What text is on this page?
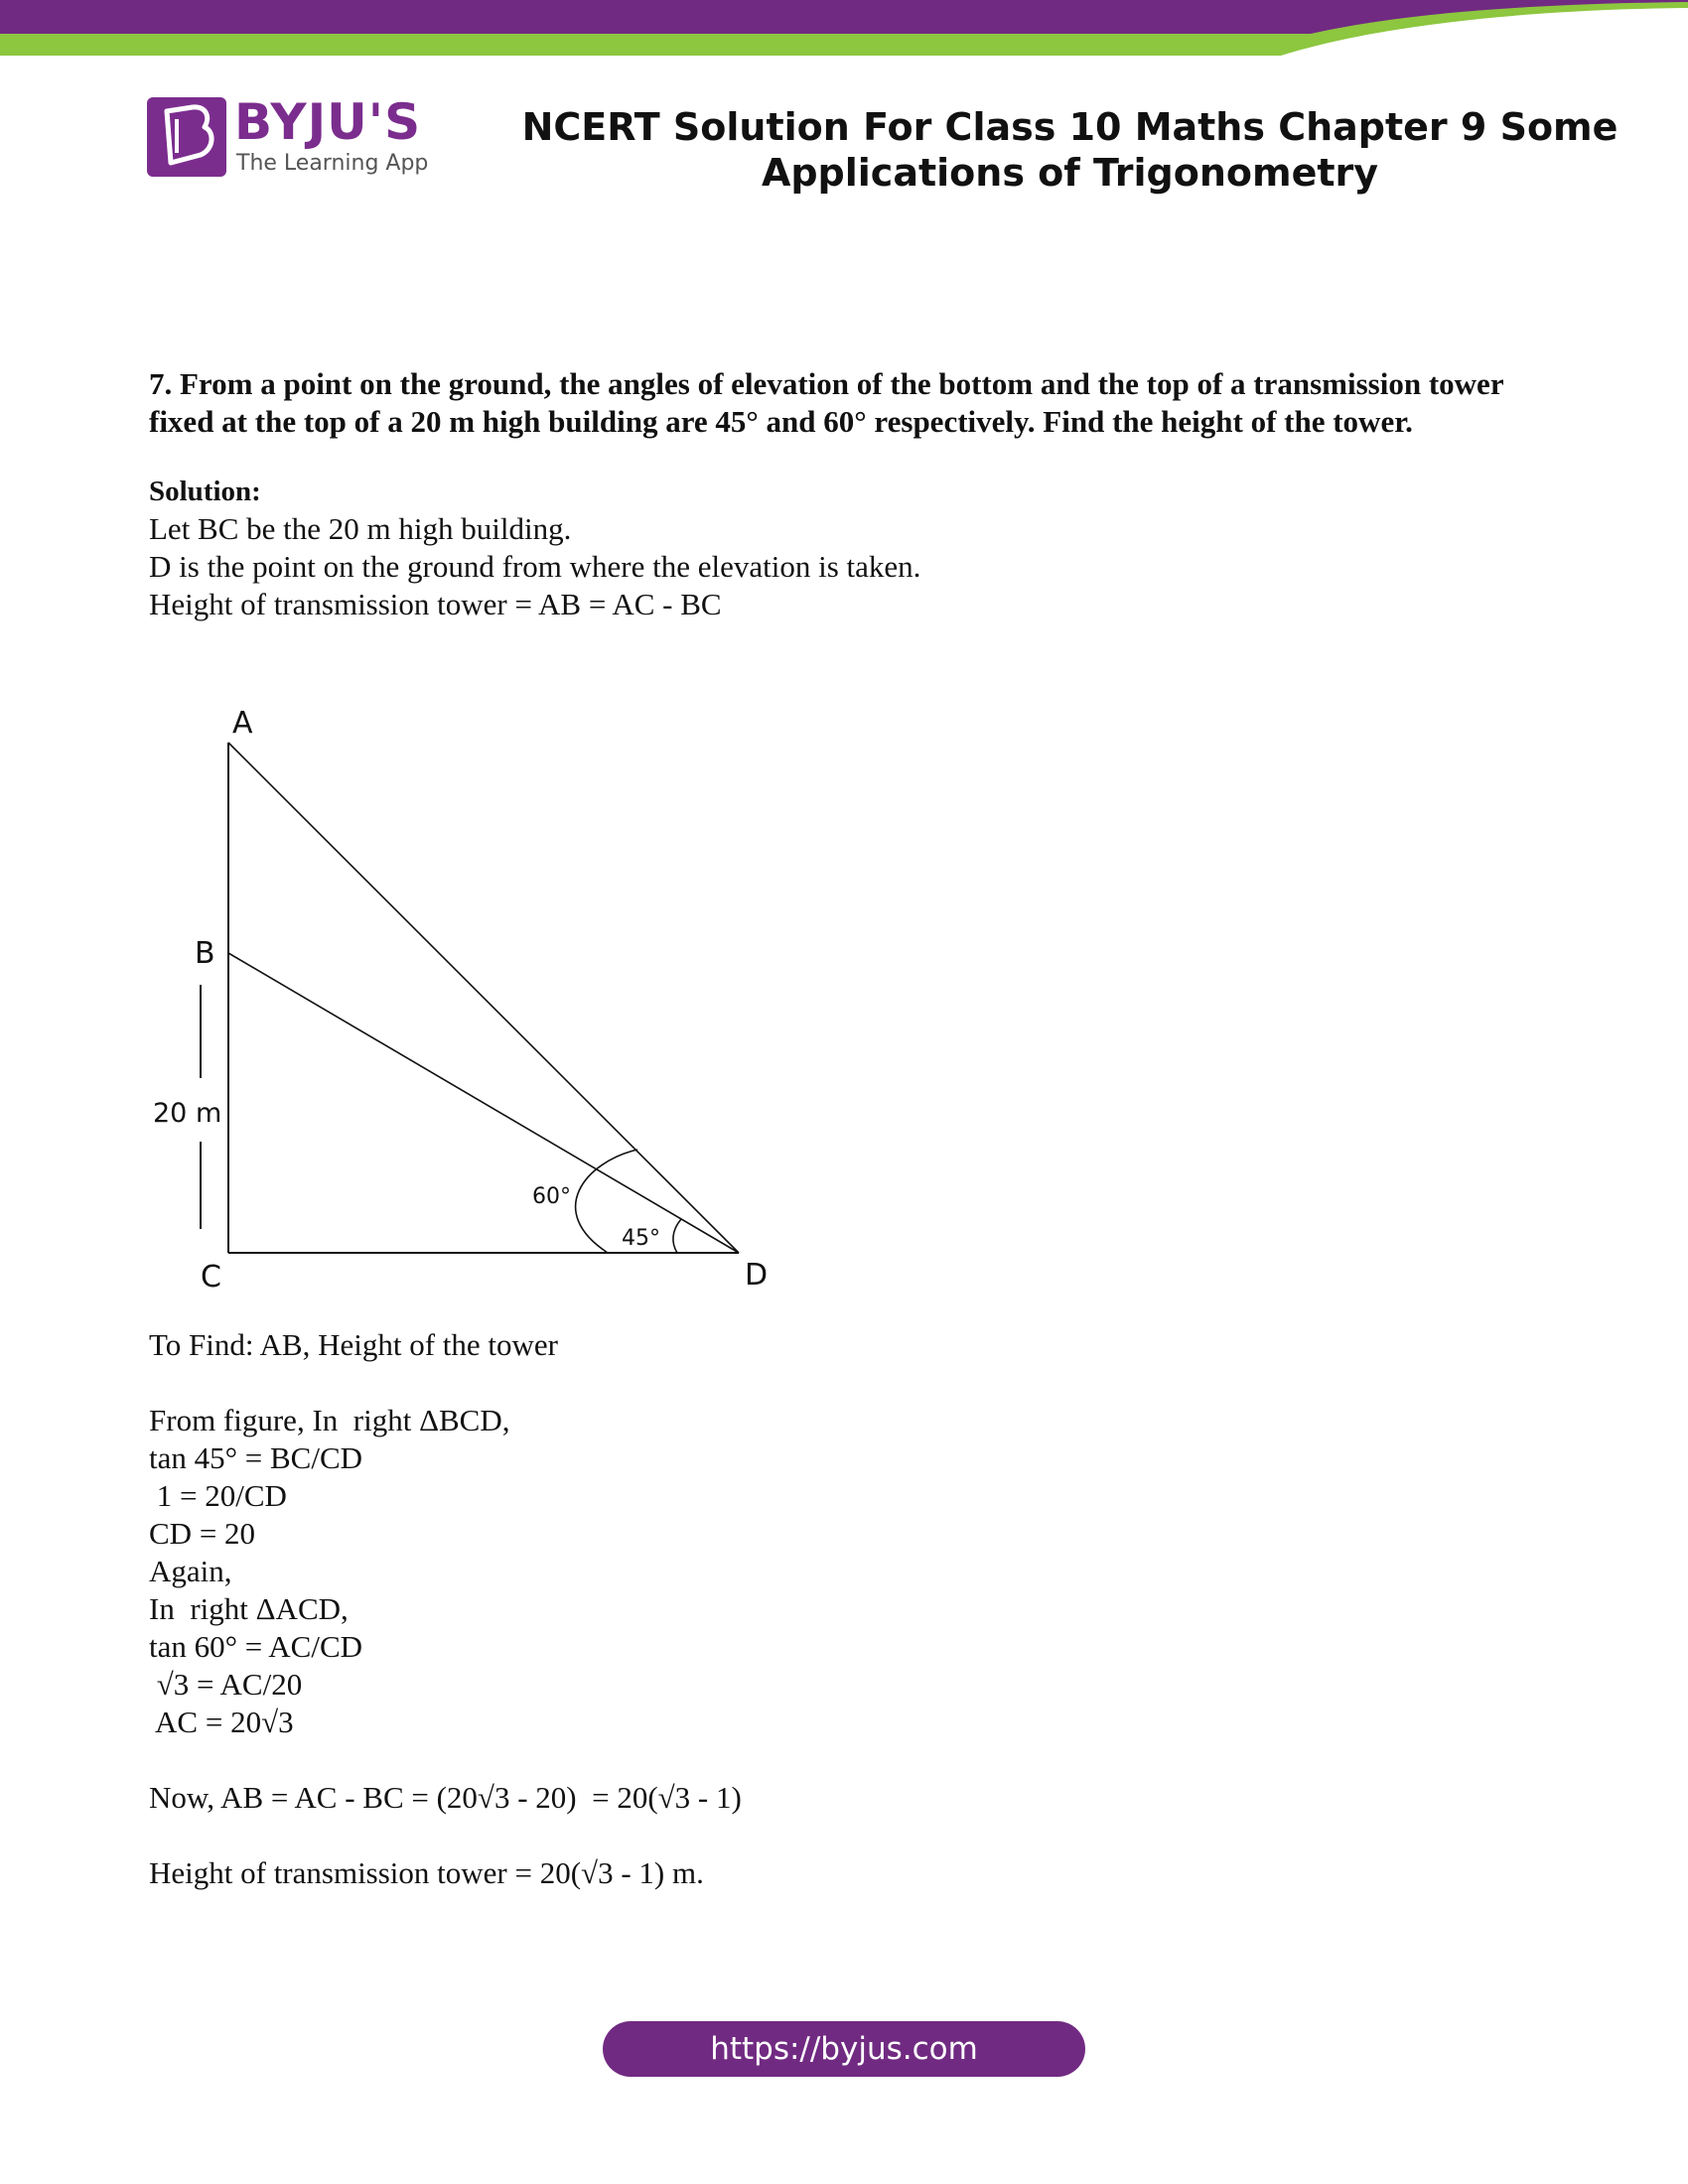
BYJU'S
The Learning App
NCERT Solution For Class 10 Maths Chapter 9 Some Applications of Trigonometry

7. From a point on the ground, the angles of elevation of the bottom and the top of a transmission tower fixed at the top of a 20 m high building are 45° and 60° respectively. Find the height of the tower.

Solution:

Let BC be the 20 m high building.

D is the point on the ground from where the elevation is taken.

Height of transmission tower = AB = AC - BC

A
B
C	D
20 m
60°
45°

To Find: AB, Height of the tower

From figure, In  right ΔBCD,

tan 45° = BC/CD

1 = 20/CD

CD = 20

Again,

In  right ΔACD,

tan 60° = AC/CD

√3 = AC/20

AC = 20√3

Now, AB = AC - BC = (20√3 - 20)  = 20(√3 - 1)

Height of transmission tower = 20(√3 - 1) m.

https://byjus.com
